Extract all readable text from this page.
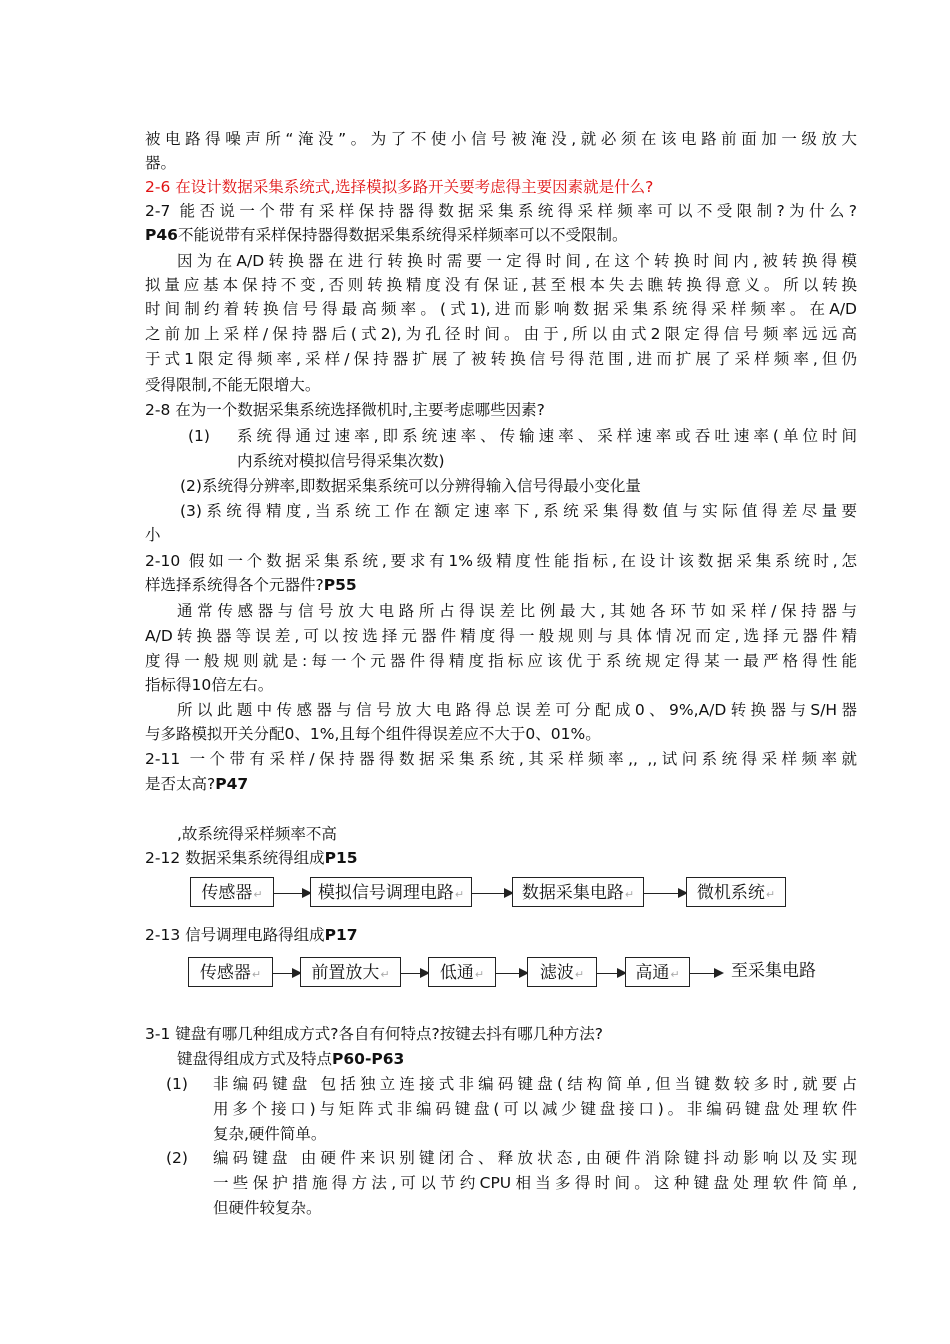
被电路得噪声所“淹没”。为了不使小信号被淹没,就必须在该电路前面加一级放大
器。
2-6 在设计数据采集系统式,选择模拟多路开关要考虑得主要因素就是什么?
2-7 能否说一个带有采样保持器得数据采集系统得采样频率可以不受限制?为什么?
P46不能说带有采样保持器得数据采集系统得采样频率可以不受限制。
因为在A/D转换器在进行转换时需要一定得时间,在这个转换时间内,被转换得模
拟量应基本保持不变,否则转换精度没有保证,甚至根本失去瞧转换得意义。所以转换
时间制约着转换信号得最高频率。(式1),进而影响数据采集系统得采样频率。在A/D
之前加上采样/保持器后(式2),为孔径时间。由于,所以由式2限定得信号频率远远高
于式1限定得频率,采样/保持器扩展了被转换信号得范围,进而扩展了采样频率,但仍
受得限制,不能无限增大。
2-8 在为一个数据采集系统选择微机时,主要考虑哪些因素?
(1)	系统得通过速率,即系统速率、传输速率、采样速率或吞吐速率(单位时间
内系统对模拟信号得采集次数)
(2)系统得分辨率,即数据采集系统可以分辨得输入信号得最小变化量
(3)系统得精度,当系统工作在额定速率下,系统采集得数值与实际值得差尽量要
小
2-10 假如一个数据采集系统,要求有1%级精度性能指标,在设计该数据采集系统时,怎
样选择系统得各个元器件?P55
通常传感器与信号放大电路所占得误差比例最大,其她各环节如采样/保持器与
A/D转换器等误差,可以按选择元器件精度得一般规则与具体情况而定,选择元器件精
度得一般规则就是:每一个元器件得精度指标应该优于系统规定得某一最严格得性能
指标得10倍左右。
所以此题中传感器与信号放大电路得总误差可分配成0、9%,A/D转换器与S/H器
与多路模拟开关分配0、1%,且每个组件得误差应不大于0、01%。
2-11 一个带有采样/保持器得数据采集系统,其采样频率,, ,,试问系统得采样频率就
是否太高?P47
,故系统得采样频率不高
2-12 数据采集系统得组成P15
传感器↵	模拟信号调理电路↵	数据采集电路↵	微机系统↵
2-13 信号调理电路得组成P17
传感器↵	前置放大↵	低通↵	滤波↵	高通↵	至采集电路
3-1 键盘有哪几种组成方式?各自有何特点?按键去抖有哪几种方法?
键盘得组成方式及特点P60-P63
(1)	非编码键盘 包括独立连接式非编码键盘(结构简单,但当键数较多时,就要占
用多个接口)与矩阵式非编码键盘(可以减少键盘接口)。非编码键盘处理软件
复杂,硬件简单。
(2)	编码键盘 由硬件来识别键闭合、释放状态,由硬件消除键抖动影响以及实现
一些保护措施得方法,可以节约CPU相当多得时间。这种键盘处理软件简单,
但硬件较复杂。
